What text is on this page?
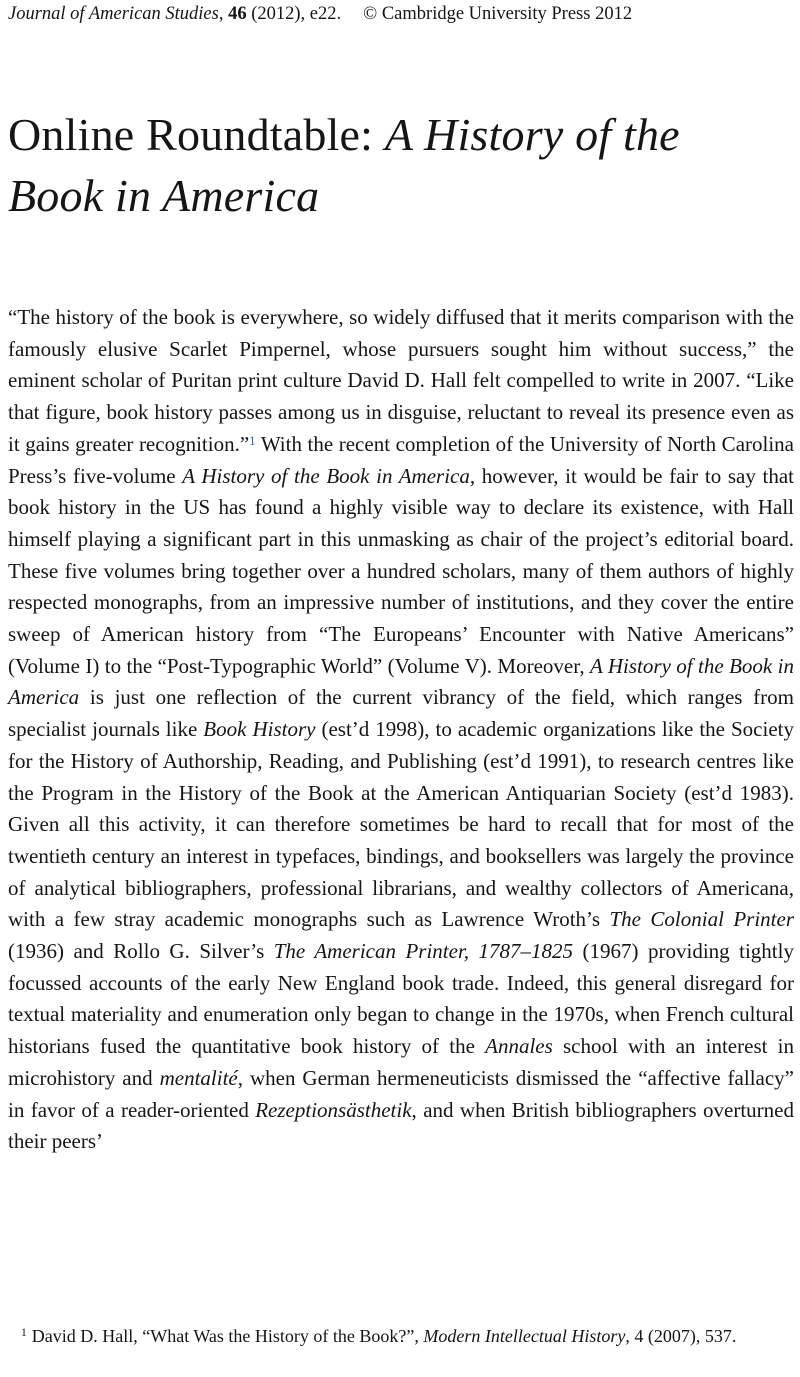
Journal of American Studies, 46 (2012), e22. © Cambridge University Press 2012
Online Roundtable: A History of the Book in America

“The history of the book is everywhere, so widely diffused that it merits comparison with the famously elusive Scarlet Pimpernel, whose pursuers sought him without success,” the eminent scholar of Puritan print culture David D. Hall felt compelled to write in 2007. “Like that figure, book history passes among us in disguise, reluctant to reveal its presence even as it gains greater recognition.”$^1$ With the recent completion of the University of North Carolina Press’s five-volume A History of the Book in America, however, it would be fair to say that book history in the US has found a highly visible way to declare its existence, with Hall himself playing a significant part in this unmasking as chair of the project’s editorial board. These five volumes bring together over a hundred scholars, many of them authors of highly respected monographs, from an impressive number of institutions, and they cover the entire sweep of American history from “The Europeans’ Encounter with Native Americans” (Volume I) to the “Post-Typographic World” (Volume V). Moreover, A History of the Book in America is just one reflection of the current vibrancy of the field, which ranges from specialist journals like Book History (est’d 1998), to academic organizations like the Society for the History of Authorship, Reading, and Publishing (est’d 1991), to research centres like the Program in the History of the Book at the American Antiquarian Society (est’d 1983). Given all this activity, it can therefore sometimes be hard to recall that for most of the twentieth century an interest in typefaces, bindings, and booksellers was largely the province of analytical bibliographers, professional librarians, and wealthy collectors of Americana, with a few stray academic monographs such as Lawrence Wroth’s The Colonial Printer (1936) and Rollo G. Silver’s The American Printer, 1787–1825 (1967) providing tightly focussed accounts of the early New England book trade. Indeed, this general disregard for textual materiality and enumeration only began to change in the 1970s, when French cultural historians fused the quantitative book history of the Annales school with an interest in microhistory and mentalité, when German hermeneuticists dismissed the “affective fallacy” in favor of a reader-oriented Rezeptionsästhetik, and when British bibliographers overturned their peers’

$^1$ David D. Hall, “What Was the History of the Book?”, Modern Intellectual History, 4 (2007), 537.
